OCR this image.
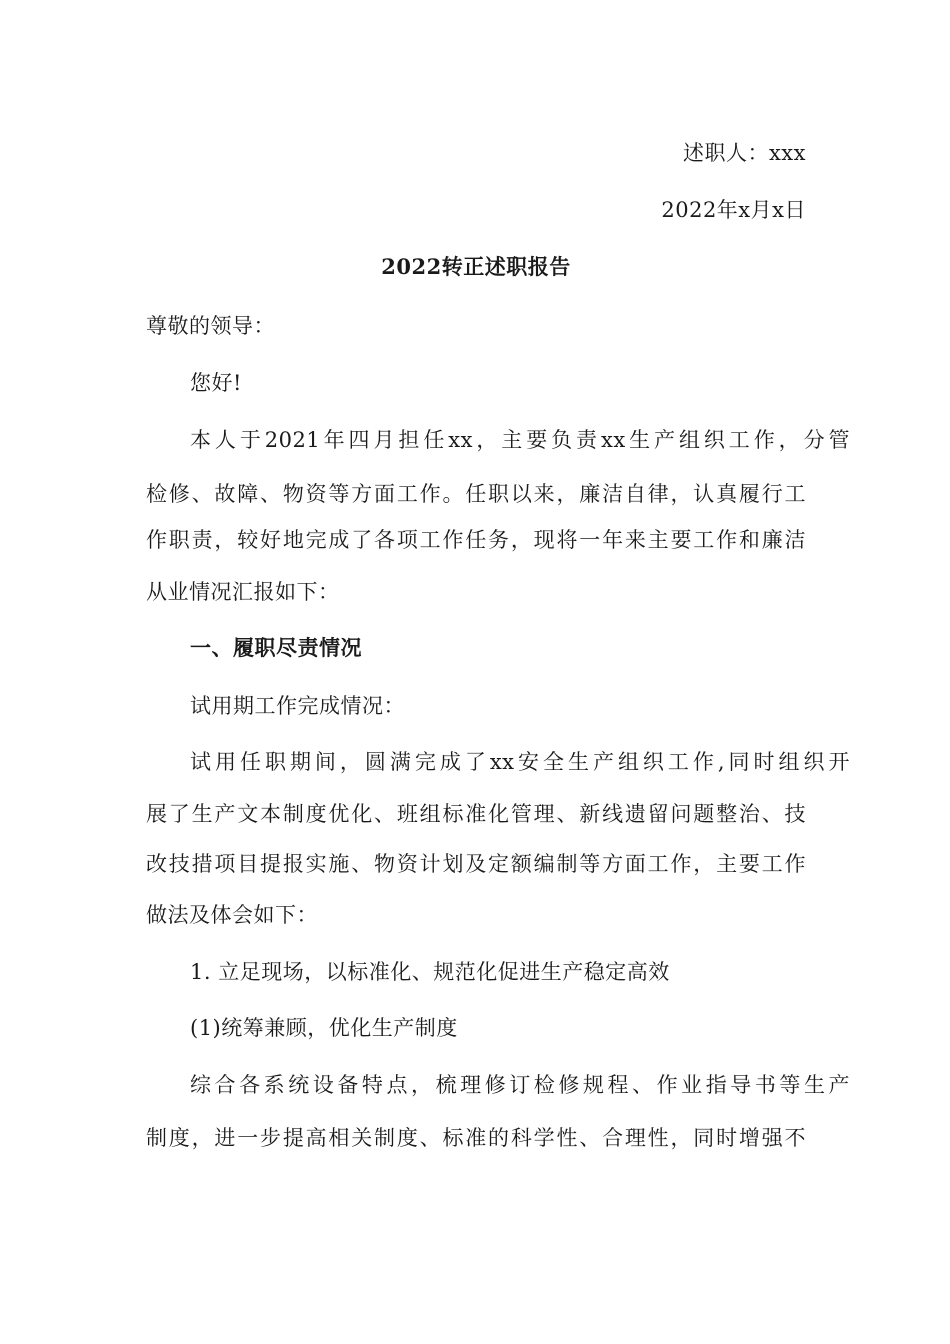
述职人：xxx
2022年x月x日
2022转正述职报告
尊敬的领导：
您好!
本人于2021年四月担任xx，主要负责xx生产组织工作，分管
检修、故障、物资等方面工作。任职以来，廉洁自律，认真履行工
作职责，较好地完成了各项工作任务，现将一年来主要工作和廉洁
从业情况汇报如下：
一、履职尽责情况
试用期工作完成情况：
试用任职期间，圆满完成了xx安全生产组织工作,同时组织开
展了生产文本制度优化、班组标准化管理、新线遗留问题整治、技
改技措项目提报实施、物资计划及定额编制等方面工作，主要工作
做法及体会如下：
1. 立足现场，以标准化、规范化促进生产稳定高效
(1)统筹兼顾，优化生产制度
综合各系统设备特点，梳理修订检修规程、作业指导书等生产
制度，进一步提高相关制度、标准的科学性、合理性，同时增强不
